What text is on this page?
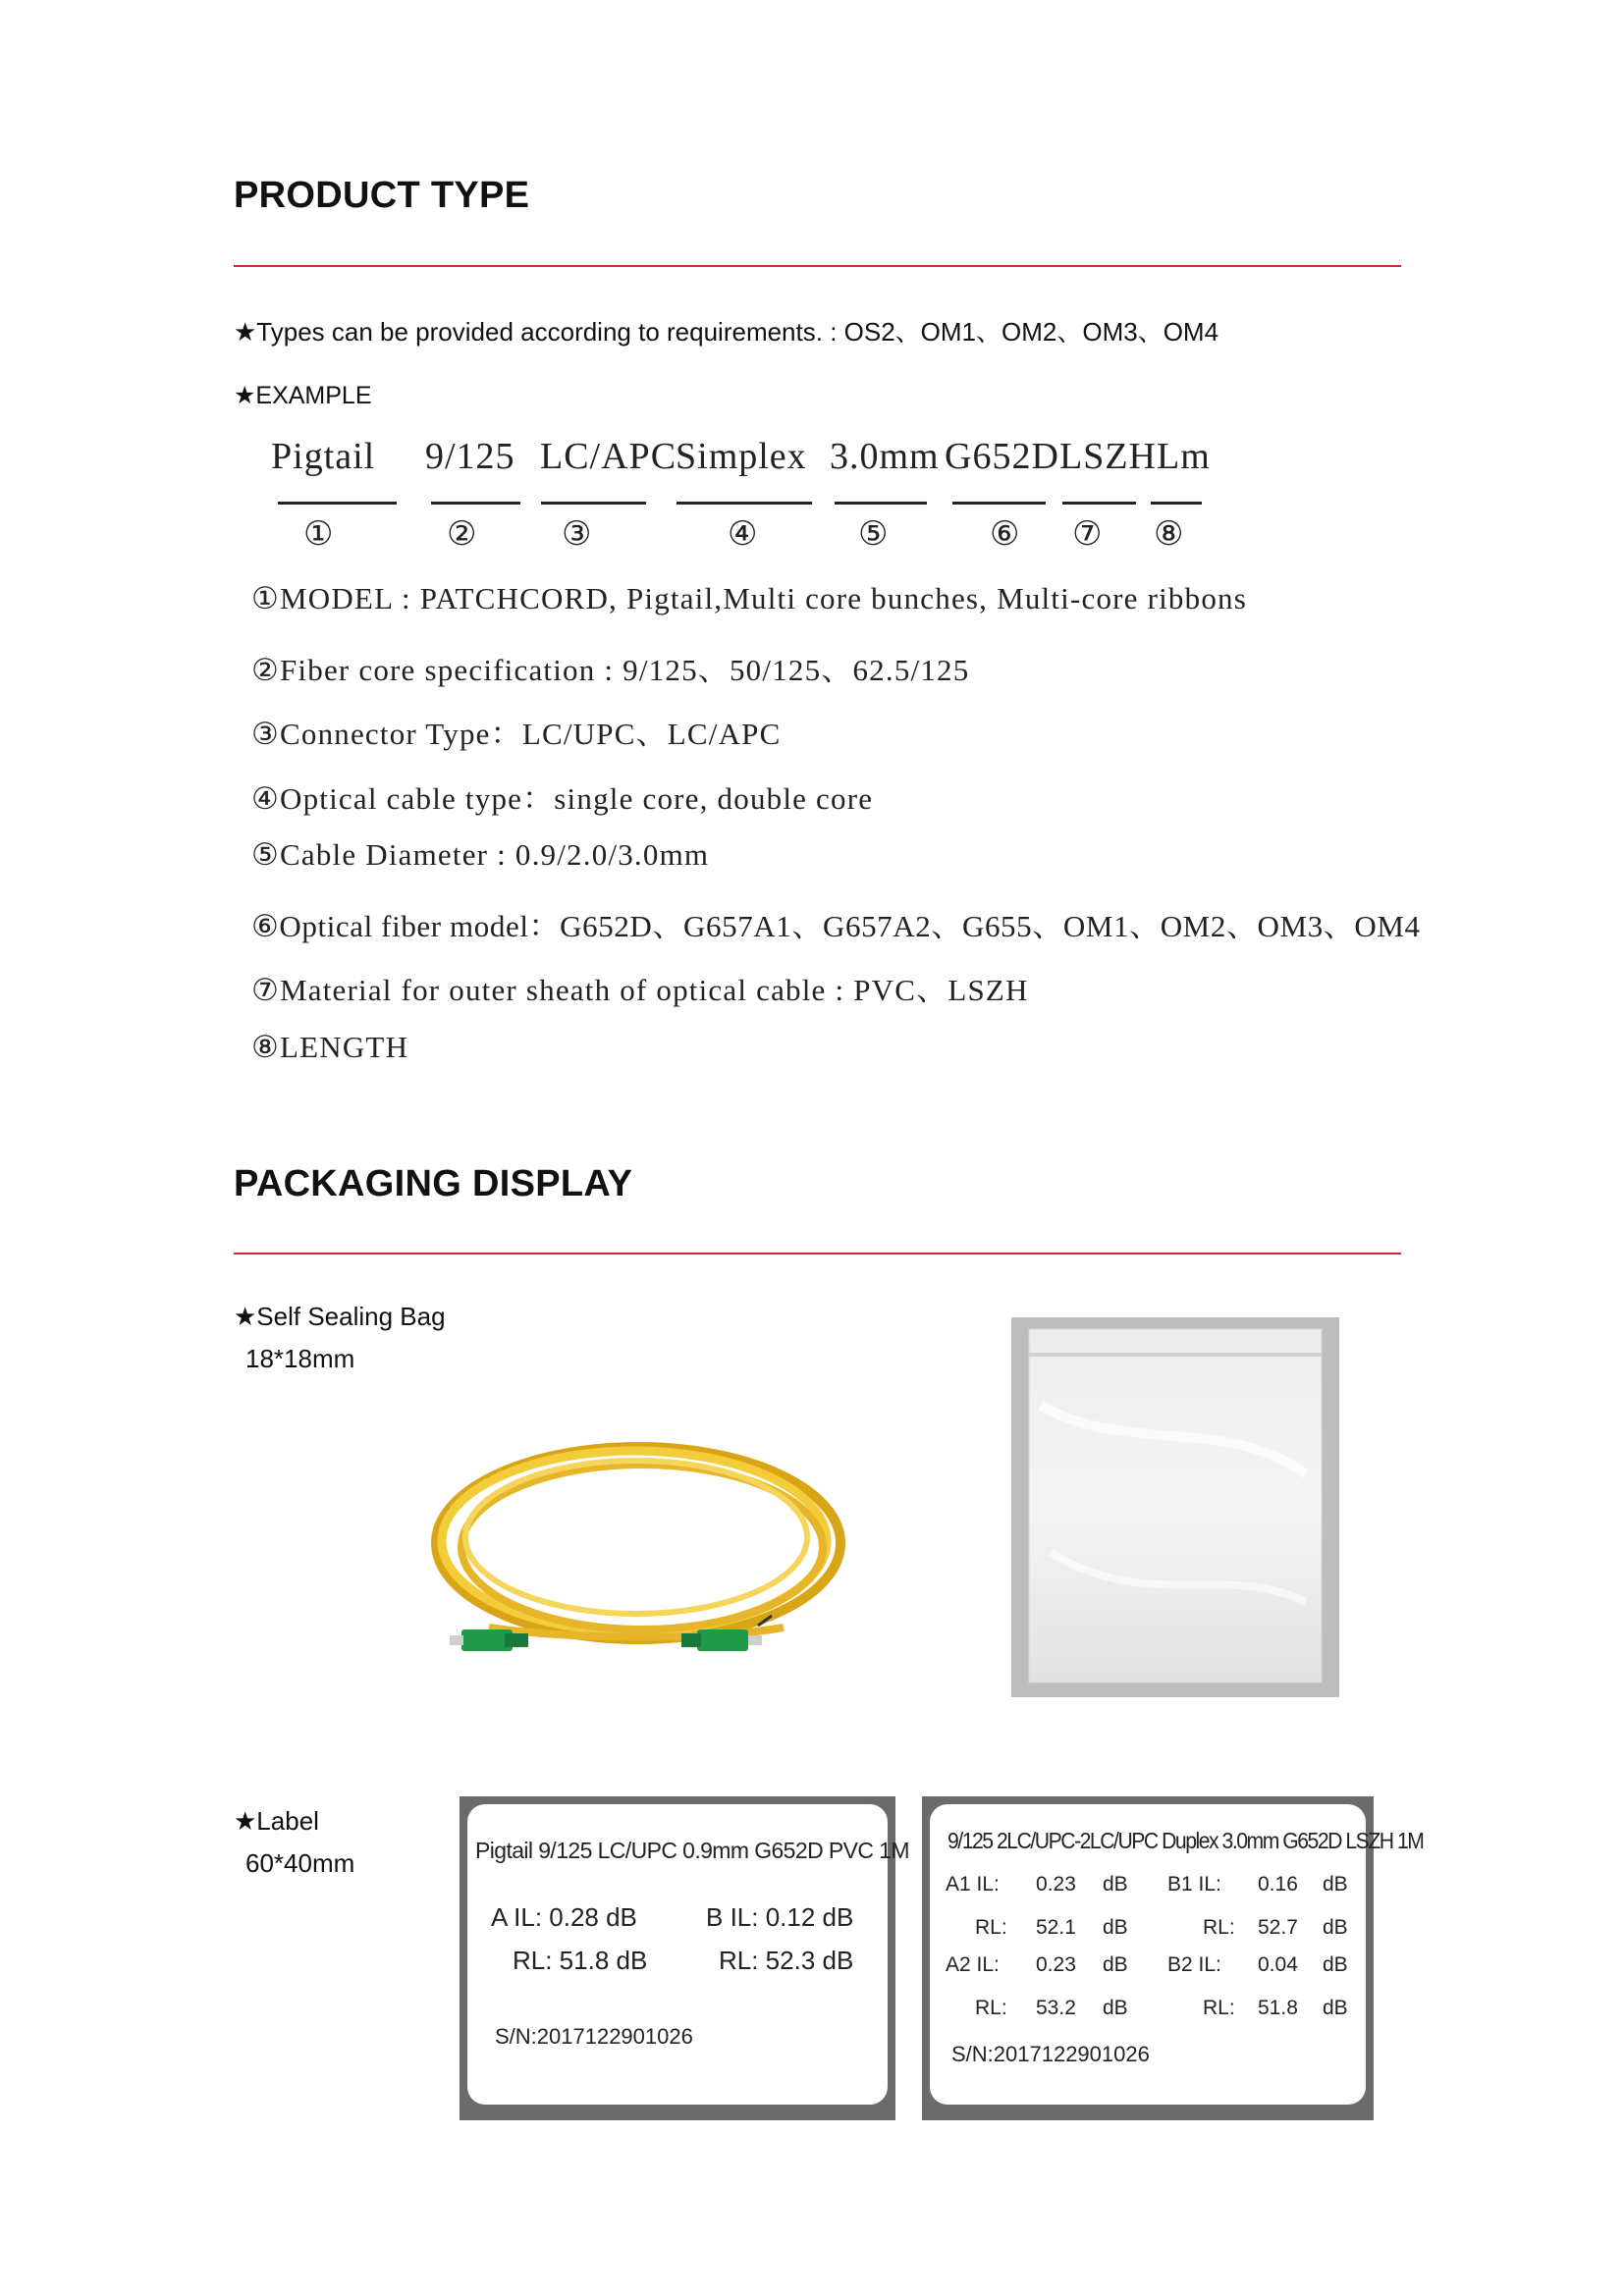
PRODUCT TYPE
★Types can be provided according to requirements. : OS2、OM1、OM2、OM3、OM4
★EXAMPLE
Pigtail 9/125 LC/APC
Simplex 3.0mm G652D LSZH Lm
①	②	③	④	⑤	⑥ ⑦ ⑧
①MODEL : PATCHCORD, Pigtail,Multi core bunches, Multi-core ribbons
②Fiber core specification : 9/125、50/125、62.5/125
③Connector Type：LC/UPC、LC/APC
④Optical cable type：single core, double core
⑤Cable Diameter : 0.9/2.0/3.0mm
⑥Optical fiber model：G652D、G657A1、G657A2、G655、OM1、OM2、OM3、OM4
⑦Material for outer sheath of optical cable : PVC、LSZH
⑧LENGTH
PACKAGING DISPLAY
★Self Sealing Bag
18*18mm
★Label
60*40mm	Pigtail 9/125 LC/UPC 0.9mm G652D PVC 1M
A IL: 0.28 dB	B IL: 0.12 dB
RL: 51.8 dB	RL: 52.3 dB
S/N:2017122901026
9/125 2LC/UPC-2LC/UPC Duplex 3.0mm G652D LSZH 1M
A1 IL: 0.23 dB B1 IL: 0.16 dB
RL: 52.1 dB	RL: 52.7 dB
A2 IL: 0.23 dB B2 IL: 0.04 dB
RL: 53.2 dB	RL: 51.8 dB
S/N:2017122901026
